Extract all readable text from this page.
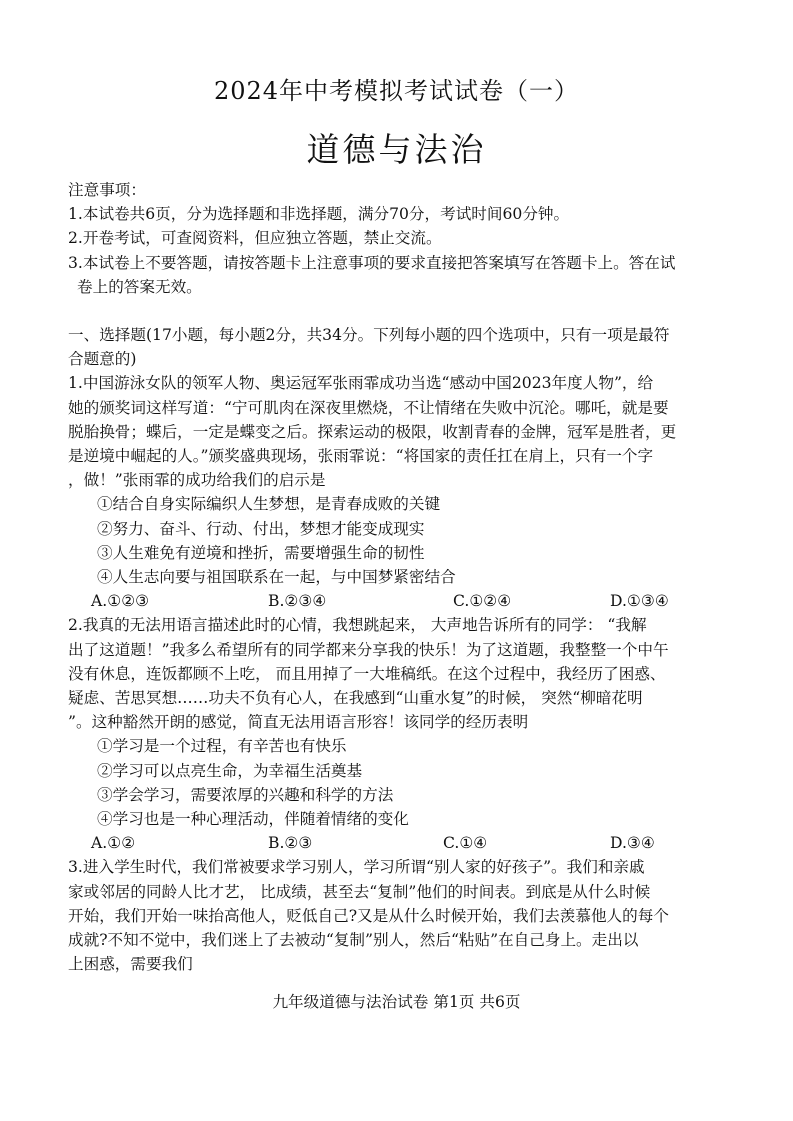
2024年中考模拟考试试卷（一）
道德与法治
注意事项：
1.本试卷共6页，分为选择题和非选择题，满分70分，考试时间60分钟。
2.开卷考试，可查阅资料，但应独立答题，禁止交流。
3.本试卷上不要答题，请按答题卡上注意事项的要求直接把答案填写在答题卡上。答在试
卷上的答案无效。
一、选择题(17小题，每小题2分，共34分。下列每小题的四个选项中，只有一项是最符
合题意的)
1.中国游泳女队的领军人物、奥运冠军张雨霏成功当选“感动中国2023年度人物”，给
她的颁奖词这样写道：“宁可肌肉在深夜里燃烧，不让情绪在失败中沉沦。哪吒，就是要
脱胎换骨；蝶后，一定是蝶变之后。探索运动的极限，收割青春的金牌，冠军是胜者，更
是逆境中崛起的人。”颁奖盛典现场，张雨霏说：“将国家的责任扛在肩上，只有一个字
，做！”张雨霏的成功给我们的启示是
①结合自身实际编织人生梦想，是青春成败的关键
②努力、奋斗、行动、付出，梦想才能变成现实
③人生难免有逆境和挫折，需要增强生命的韧性
④人生志向要与祖国联系在一起，与中国梦紧密结合
A.①②③	B.②③④	C.①②④	D.①③④
2.我真的无法用语言描述此时的心情，我想跳起来， 大声地告诉所有的同学： “我解
出了这道题！”我多么希望所有的同学都来分享我的快乐！为了这道题，我整整一个中午
没有休息，连饭都顾不上吃， 而且用掉了一大堆稿纸。在这个过程中，我经历了困惑、
疑虑、苦思冥想……功夫不负有心人，在我感到“山重水复”的时候， 突然“柳暗花明
”。这种豁然开朗的感觉，简直无法用语言形容！该同学的经历表明
①学习是一个过程，有辛苦也有快乐
②学习可以点亮生命，为幸福生活奠基
③学会学习，需要浓厚的兴趣和科学的方法
④学习也是一种心理活动，伴随着情绪的变化
A.①②	B.②③	C.①④	D.③④
3.进入学生时代，我们常被要求学习别人，学习所谓“别人家的好孩子”。我们和亲戚
家或邻居的同龄人比才艺， 比成绩，甚至去“复制”他们的时间表。到底是从什么时候
开始，我们开始一味抬高他人，贬低自己?又是从什么时候开始，我们去羡慕他人的每个
成就?不知不觉中，我们迷上了去被动“复制”别人，然后“粘贴”在自己身上。走出以
上困惑，需要我们
九年级道德与法治试卷 第1页 共6页
